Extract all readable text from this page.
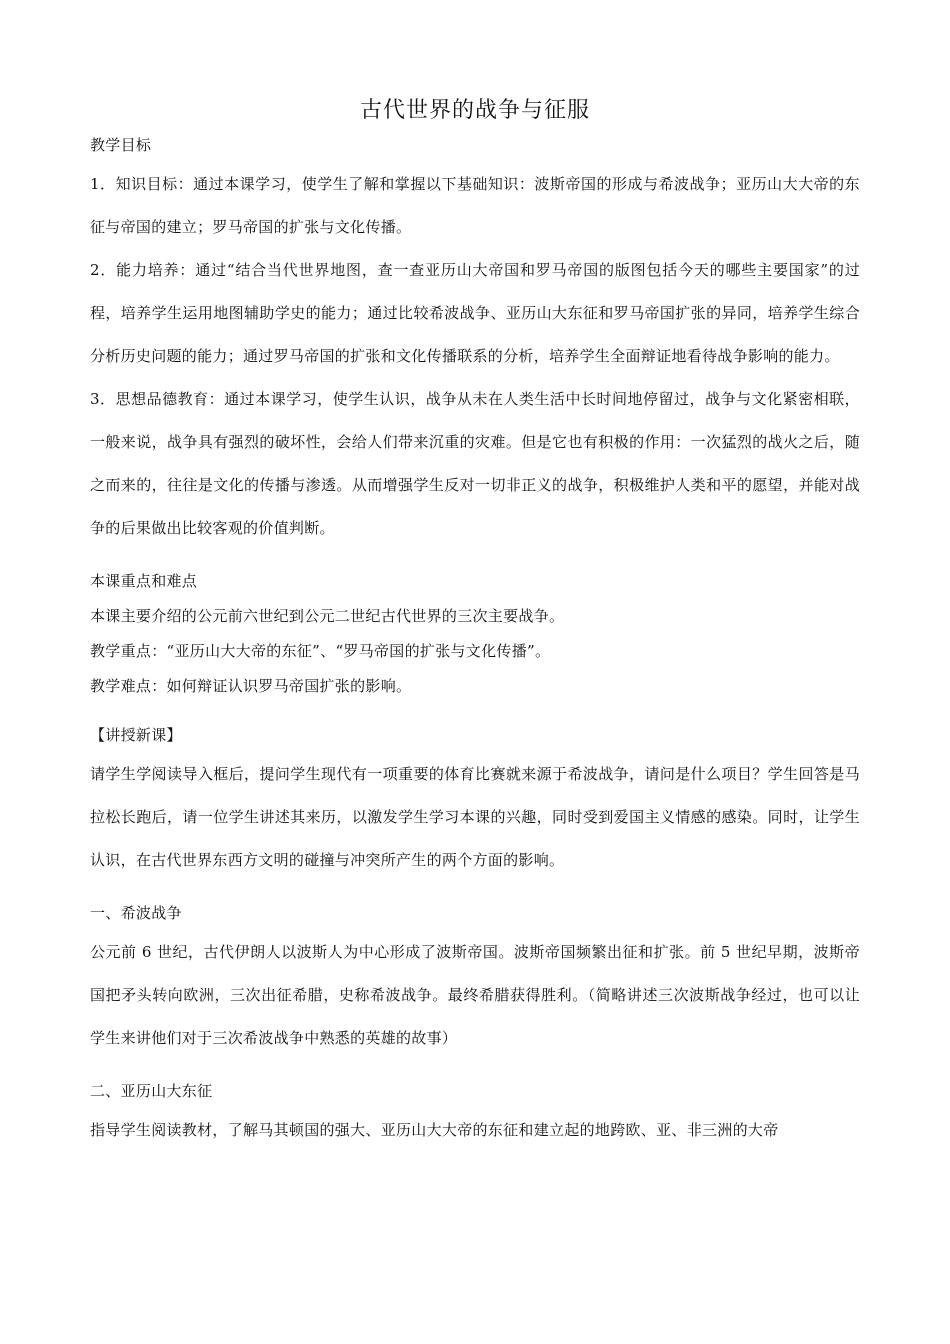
古代世界的战争与征服

教学目标

1．知识目标：通过本课学习，使学生了解和掌握以下基础知识：波斯帝国的形成与希波战争；亚历山大大帝的东征与帝国的建立；罗马帝国的扩张与文化传播。

2．能力培养：通过“结合当代世界地图，查一查亚历山大帝国和罗马帝国的版图包括今天的哪些主要国家”的过程，培养学生运用地图辅助学史的能力；通过比较希波战争、亚历山大东征和罗马帝国扩张的异同，培养学生综合分析历史问题的能力；通过罗马帝国的扩张和文化传播联系的分析，培养学生全面辩证地看待战争影响的能力。

3．思想品德教育：通过本课学习，使学生认识，战争从未在人类生活中长时间地停留过，战争与文化紧密相联，一般来说，战争具有强烈的破坏性，会给人们带来沉重的灾难。但是它也有积极的作用：一次猛烈的战火之后，随之而来的，往往是文化的传播与渗透。从而增强学生反对一切非正义的战争，积极维护人类和平的愿望，并能对战争的后果做出比较客观的价值判断。

本课重点和难点

本课主要介绍的公元前六世纪到公元二世纪古代世界的三次主要战争。

教学重点：“亚历山大大帝的东征”、“罗马帝国的扩张与文化传播”。

教学难点：如何辩证认识罗马帝国扩张的影响。

【讲授新课】

请学生学阅读导入框后，提问学生现代有一项重要的体育比赛就来源于希波战争，请问是什么项目？学生回答是马拉松长跑后，请一位学生讲述其来历，以激发学生学习本课的兴趣，同时受到爱国主义情感的感染。同时，让学生认识，在古代世界东西方文明的碰撞与冲突所产生的两个方面的影响。

一、希波战争

公元前 6 世纪，古代伊朗人以波斯人为中心形成了波斯帝国。波斯帝国频繁出征和扩张。前 5 世纪早期，波斯帝国把矛头转向欧洲，三次出征希腊，史称希波战争。最终希腊获得胜利。（简略讲述三次波斯战争经过，也可以让学生来讲他们对于三次希波战争中熟悉的英雄的故事）

二、亚历山大东征

指导学生阅读教材，了解马其顿国的强大、亚历山大大帝的东征和建立起的地跨欧、亚、非三洲的大帝
